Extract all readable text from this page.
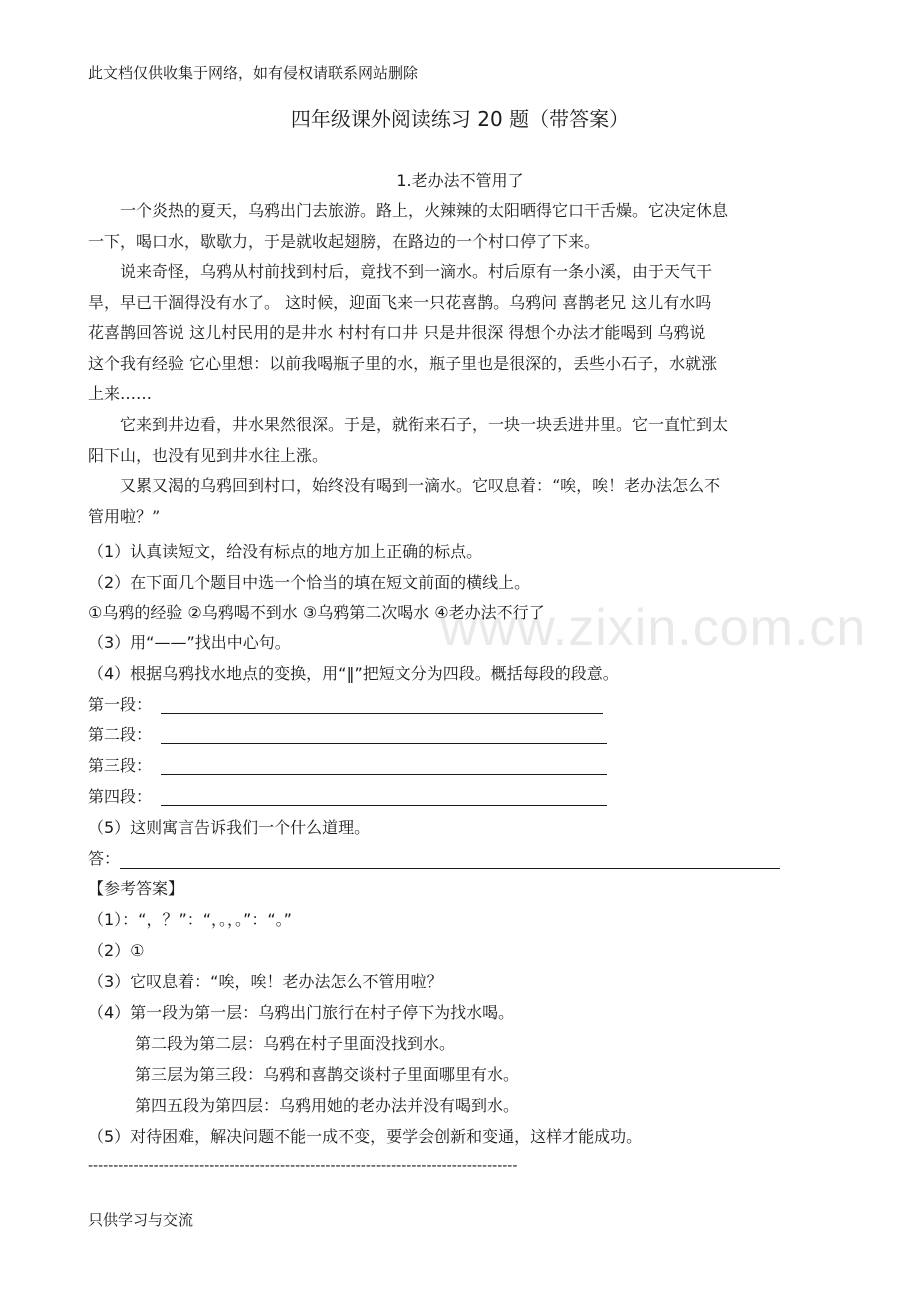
此文档仅供收集于网络，如有侵权请联系网站删除
四年级课外阅读练习 20 题（带答案）
1.老办法不管用了
一个炎热的夏天，乌鸦出门去旅游。路上，火辣辣的太阳晒得它口干舌燥。它决定休息
一下，喝口水，歇歇力，于是就收起翅膀，在路边的一个村口停了下来。
说来奇怪，乌鸦从村前找到村后，竟找不到一滴水。村后原有一条小溪，由于天气干
旱，早已干涸得没有水了。 这时候，迎面飞来一只花喜鹊。乌鸦问 喜鹊老兄 这儿有水吗
花喜鹊回答说 这儿村民用的是井水 村村有口井 只是井很深 得想个办法才能喝到 乌鸦说
这个我有经验 它心里想：以前我喝瓶子里的水，瓶子里也是很深的，丢些小石子，水就涨
上来……
它来到井边看，井水果然很深。于是，就衔来石子，一块一块丢进井里。它一直忙到太
阳下山，也没有见到井水往上涨。
又累又渴的乌鸦回到村口，始终没有喝到一滴水。它叹息着：“唉，唉！老办法怎么不
管用啦？”
（1）认真读短文，给没有标点的地方加上正确的标点。
（2）在下面几个题目中选一个恰当的填在短文前面的横线上。
①乌鸦的经验 ②乌鸦喝不到水 ③乌鸦第二次喝水 ④老办法不行了
（3）用“——”找出中心句。
（4）根据乌鸦找水地点的变换，用“‖”把短文分为四段。概括每段的段意。
第一段：
第二段：
第三段：
第四段：
（5）这则寓言告诉我们一个什么道理。
答：
www.zixin.com.cn
【参考答案】
（1）：“，？”：“，。，。”：“。”
（2）①
（3）它叹息着：“唉，唉！老办法怎么不管用啦？
（4）第一段为第一层：乌鸦出门旅行在村子停下为找水喝。
第二段为第二层：乌鸦在村子里面没找到水。
第三层为第三段：乌鸦和喜鹊交谈村子里面哪里有水。
第四五段为第四层：乌鸦用她的老办法并没有喝到水。
（5）对待困难，解决问题不能一成不变，要学会创新和变通，这样才能成功。
-------------------------------------------------------------------------------------
只供学习与交流
